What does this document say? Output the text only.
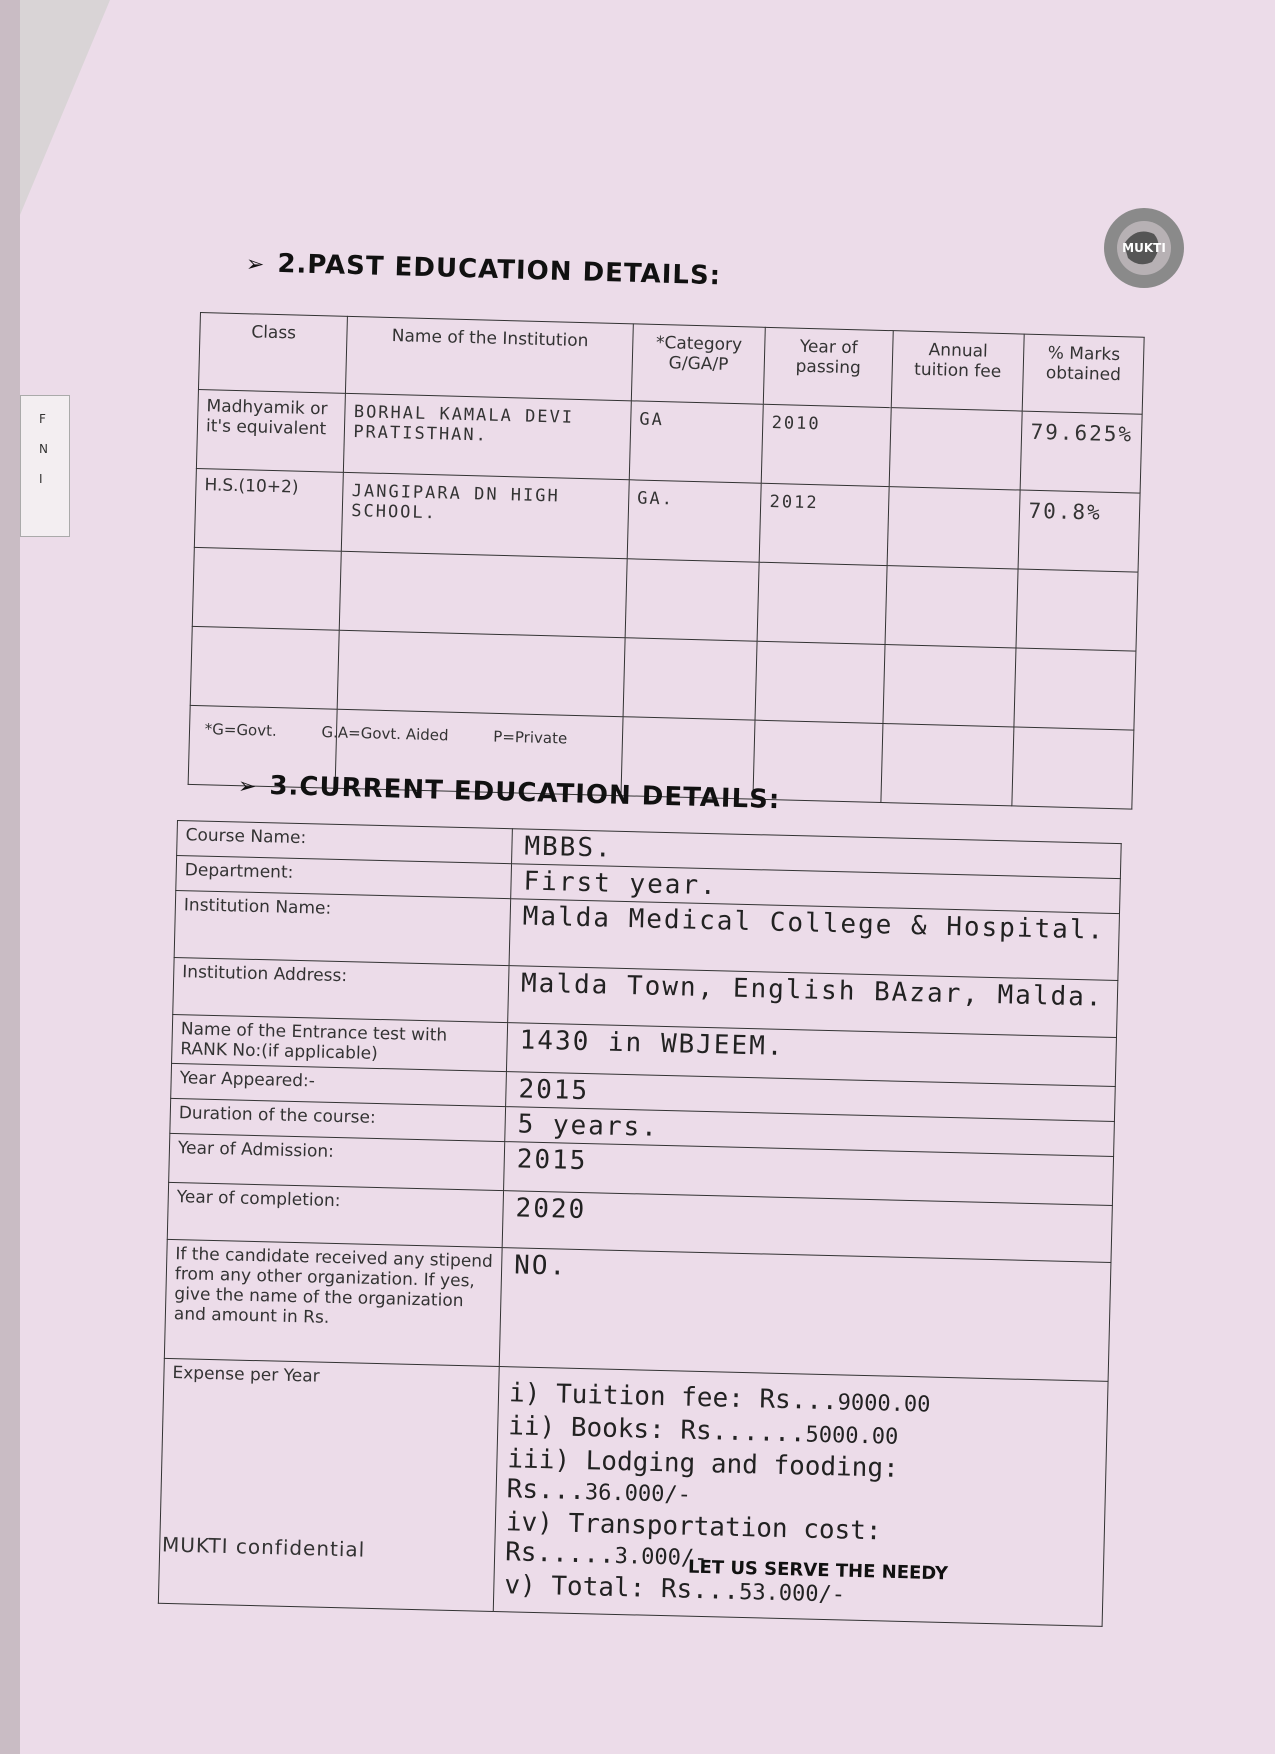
F
N
I
MUKTI
➢ 2.PAST EDUCATION DETAILS:
Class	Name of the Institution	*Category G/GA/P	Year of passing	Annual tuition fee	% Marks obtained
Madhyamik or it's equivalent	BORHAL KAMALA DEVI PRATISTHAN.	GA	2010		79.625%
H.S.(10+2)	JANGIPARA DN HIGH SCHOOL.	GA.	2012		70.8%

*G=Govt.	G.A=Govt. Aided	P=Private
➢ 3.CURRENT EDUCATION DETAILS:
Course Name:	MBBS.
Department:	First year.
Institution Name:	Malda Medical College & Hospital.
Institution Address:	Malda Town, English BAzar, Malda.
Name of the Entrance test with RANK No:(if applicable)	1430 in WBJEEM.
Year Appeared:-	2015
Duration of the course:	5 years.
Year of Admission:	2015
Year of completion:	2020
If the candidate received any stipend from any other organization. If yes, give the name of the organization and amount in Rs.	NO.
Expense per Year	i) Tuition fee: Rs...9000.00
ii) Books: Rs......5000.00
iii) Lodging and fooding: Rs...36.000/-
iv) Transportation cost: Rs.....3.000/-
v) Total: Rs...53.000/-
MUKTI confidential
LET US SERVE THE NEEDY
